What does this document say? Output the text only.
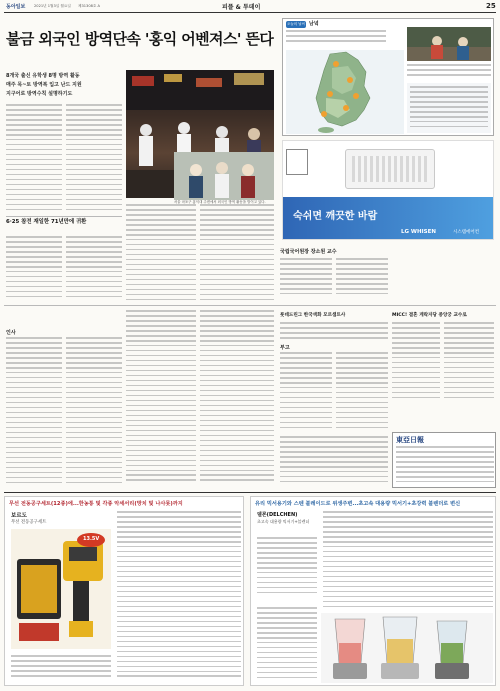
동아일보 2021년 1월3일 월요일 제31308호 A	피플 & 투데이	25
불금 외국인 방역단속 '홍익 어벤져스' 뜬다
8개국 출신 유학생 8명 방역 활동
매주 목~토 방역복 입고 난드 지원
지구어로 방역수칙 설명하기도
서울 마포구 홍익대 주변에서 외국인 방역 활동을 벌이고 있다.
6·25 참전 재일한 71년만에 귀환
오늘의 날씨 남녘
숙쉬면 깨끗한 바람
LG WHISEN	시스템에어컨
인사
국립국어원장 장소원 교수
부고
롯데드린그 한국색화 모르샙트사	MICC! 결혼 게락자당 중앙궁 교수로
東亞日報
무선 전동공구세트(12종)에...한농통 및 각종 악세서리(망치 및 나사못)까지
보르도
무선 전동공구세트
13.5V
유리 믹서용기와 스텐 블레이드로 위생주변...초고속 대용량 믹서기+초강력 블렌더로 변신
델론(DELCHEN)
초고속 대용량 믹서기+블렌더
